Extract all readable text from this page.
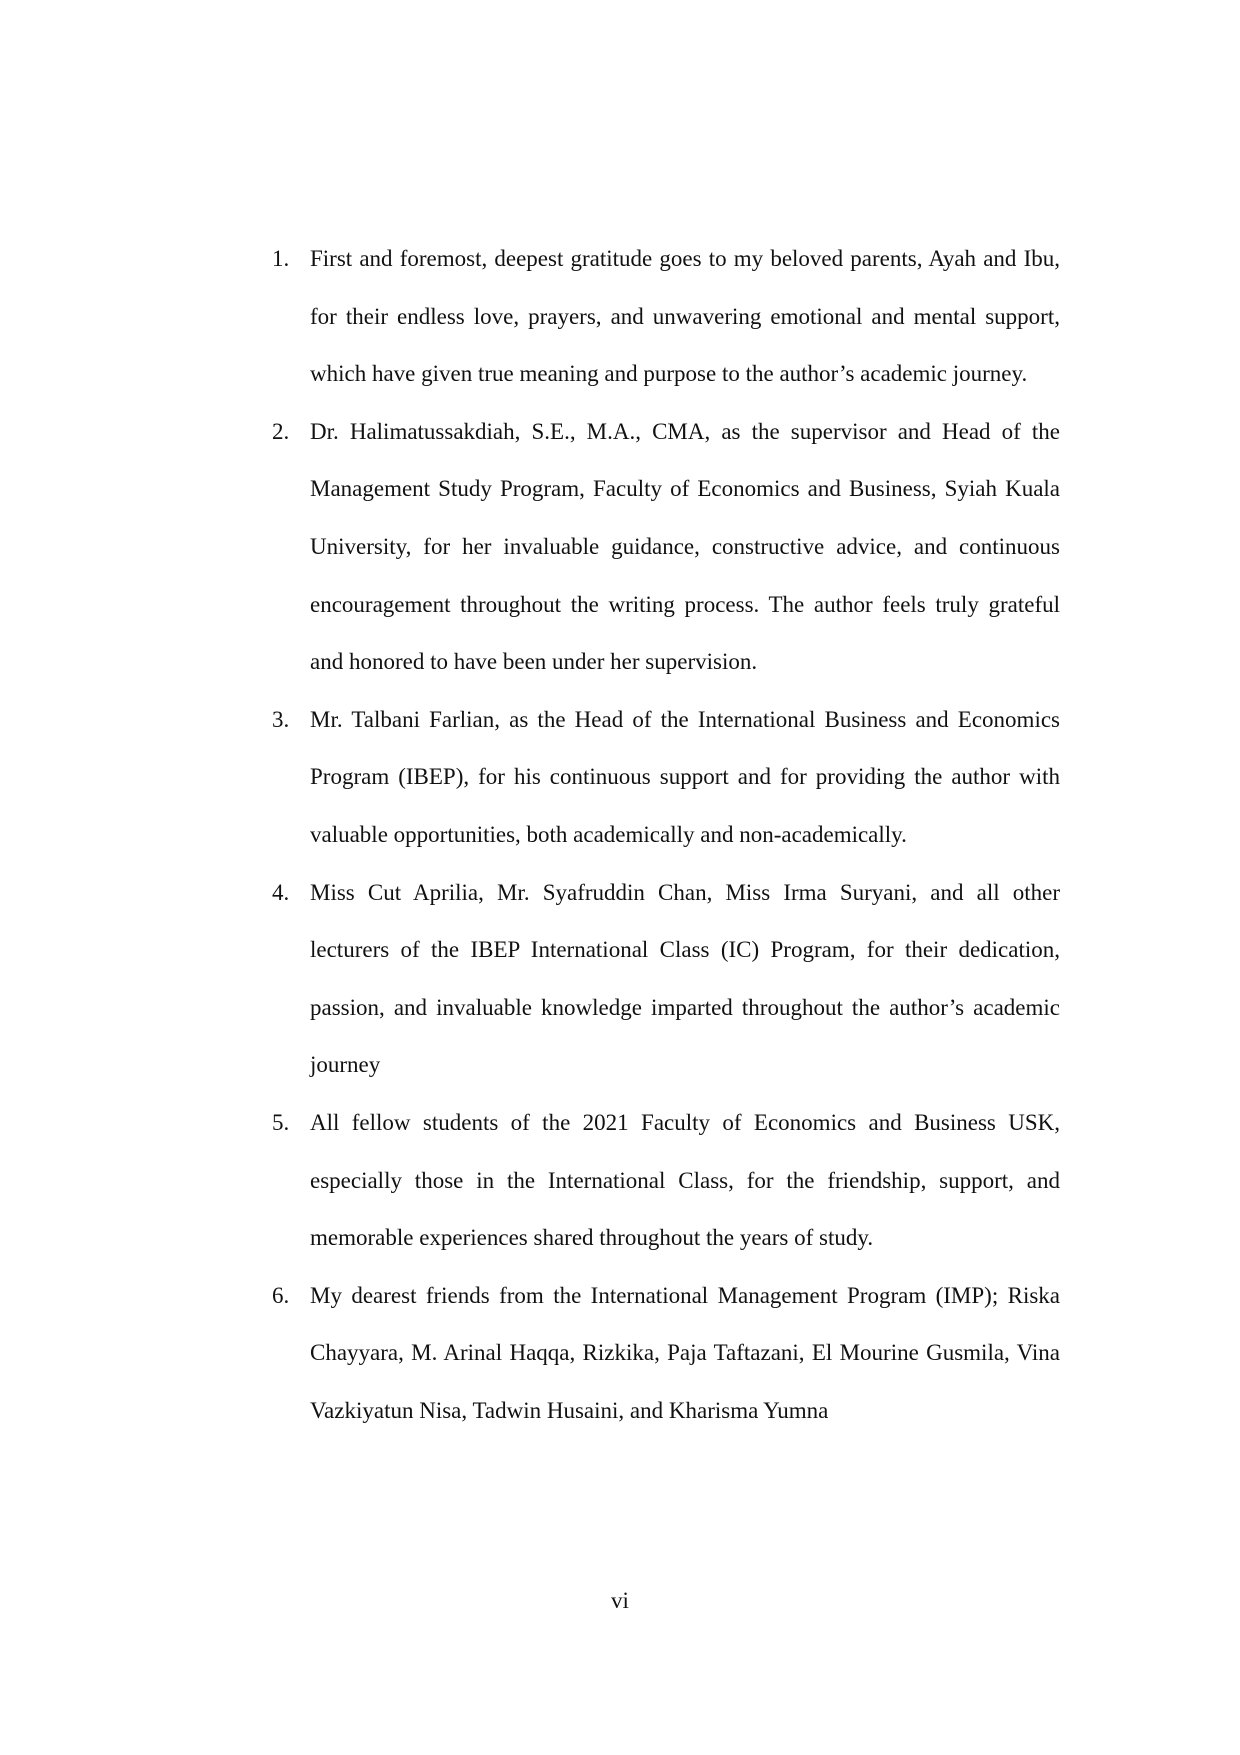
1. First and foremost, deepest gratitude goes to my beloved parents, Ayah and Ibu, for their endless love, prayers, and unwavering emotional and mental support, which have given true meaning and purpose to the author’s academic journey.
2. Dr. Halimatussakdiah, S.E., M.A., CMA, as the supervisor and Head of the Management Study Program, Faculty of Economics and Business, Syiah Kuala University, for her invaluable guidance, constructive advice, and continuous encouragement throughout the writing process. The author feels truly grateful and honored to have been under her supervision.
3. Mr. Talbani Farlian, as the Head of the International Business and Economics Program (IBEP), for his continuous support and for providing the author with valuable opportunities, both academically and non-academically.
4. Miss Cut Aprilia, Mr. Syafruddin Chan, Miss Irma Suryani, and all other lecturers of the IBEP International Class (IC) Program, for their dedication, passion, and invaluable knowledge imparted throughout the author’s academic journey
5. All fellow students of the 2021 Faculty of Economics and Business USK, especially those in the International Class, for the friendship, support, and memorable experiences shared throughout the years of study.
6. My dearest friends from the International Management Program (IMP); Riska Chayyara, M. Arinal Haqqa, Rizkika, Paja Taftazani, El Mourine Gusmila, Vina Vazkiyatun Nisa, Tadwin Husaini, and Kharisma Yumna
vi
